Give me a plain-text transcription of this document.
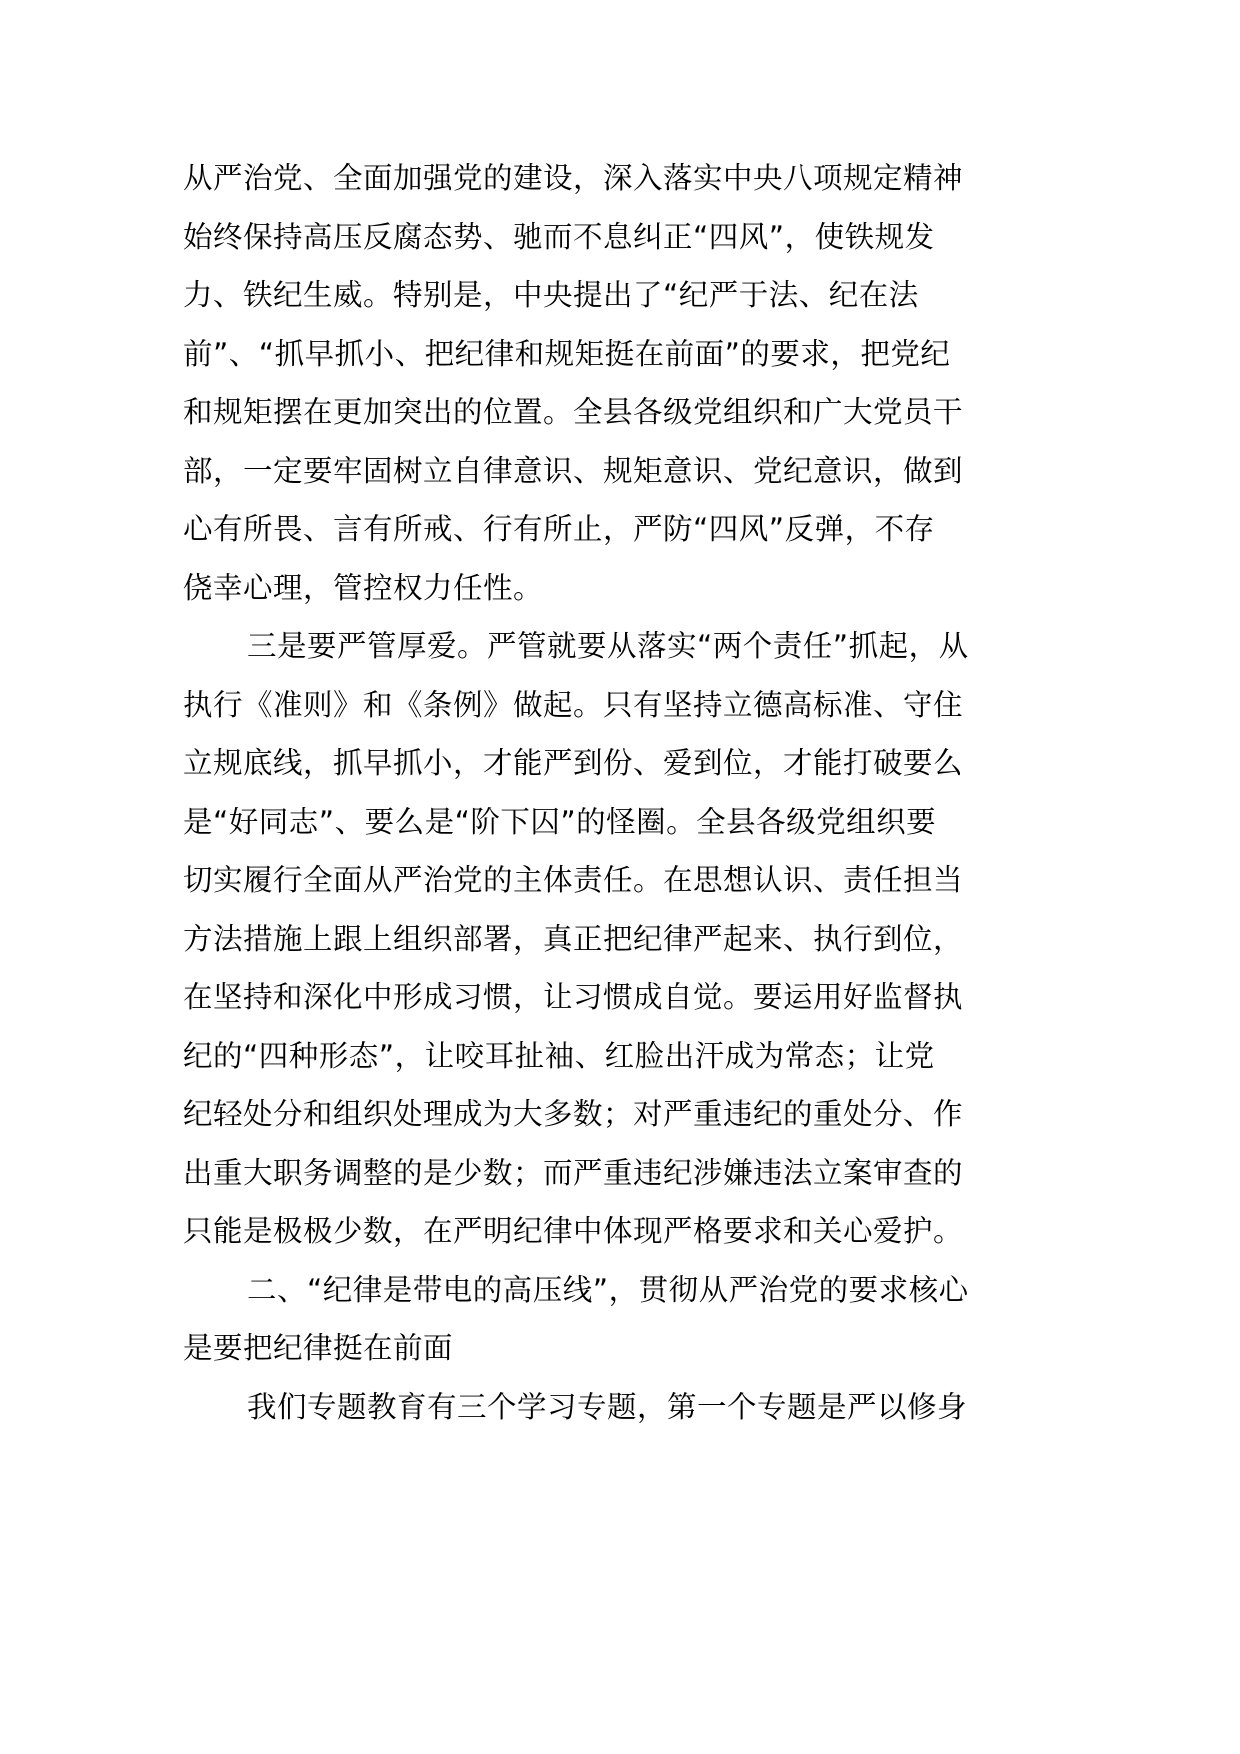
从严治党、全面加强党的建设，深入落实中央八项规定精神
始终保持高压反腐态势、驰而不息纠正“四风”，使铁规发
力、铁纪生威。特别是，中央提出了“纪严于法、纪在法
前”、“抓早抓小、把纪律和规矩挺在前面”的要求，把党纪
和规矩摆在更加突出的位置。全县各级党组织和广大党员干
部，一定要牢固树立自律意识、规矩意识、党纪意识，做到
心有所畏、言有所戒、行有所止，严防“四风”反弹，不存
侥幸心理，管控权力任性。
三是要严管厚爱。严管就要从落实“两个责任”抓起，从
执行《准则》和《条例》做起。只有坚持立德高标准、守住
立规底线，抓早抓小，才能严到份、爱到位，才能打破要么
是“好同志”、要么是“阶下囚”的怪圈。全县各级党组织要
切实履行全面从严治党的主体责任。在思想认识、责任担当
方法措施上跟上组织部署，真正把纪律严起来、执行到位，
在坚持和深化中形成习惯，让习惯成自觉。要运用好监督执
纪的“四种形态”，让咬耳扯袖、红脸出汗成为常态；让党
纪轻处分和组织处理成为大多数；对严重违纪的重处分、作
出重大职务调整的是少数；而严重违纪涉嫌违法立案审查的
只能是极极少数，在严明纪律中体现严格要求和关心爱护。
二、“纪律是带电的高压线”，贯彻从严治党的要求核心
是要把纪律挺在前面
我们专题教育有三个学习专题，第一个专题是严以修身
